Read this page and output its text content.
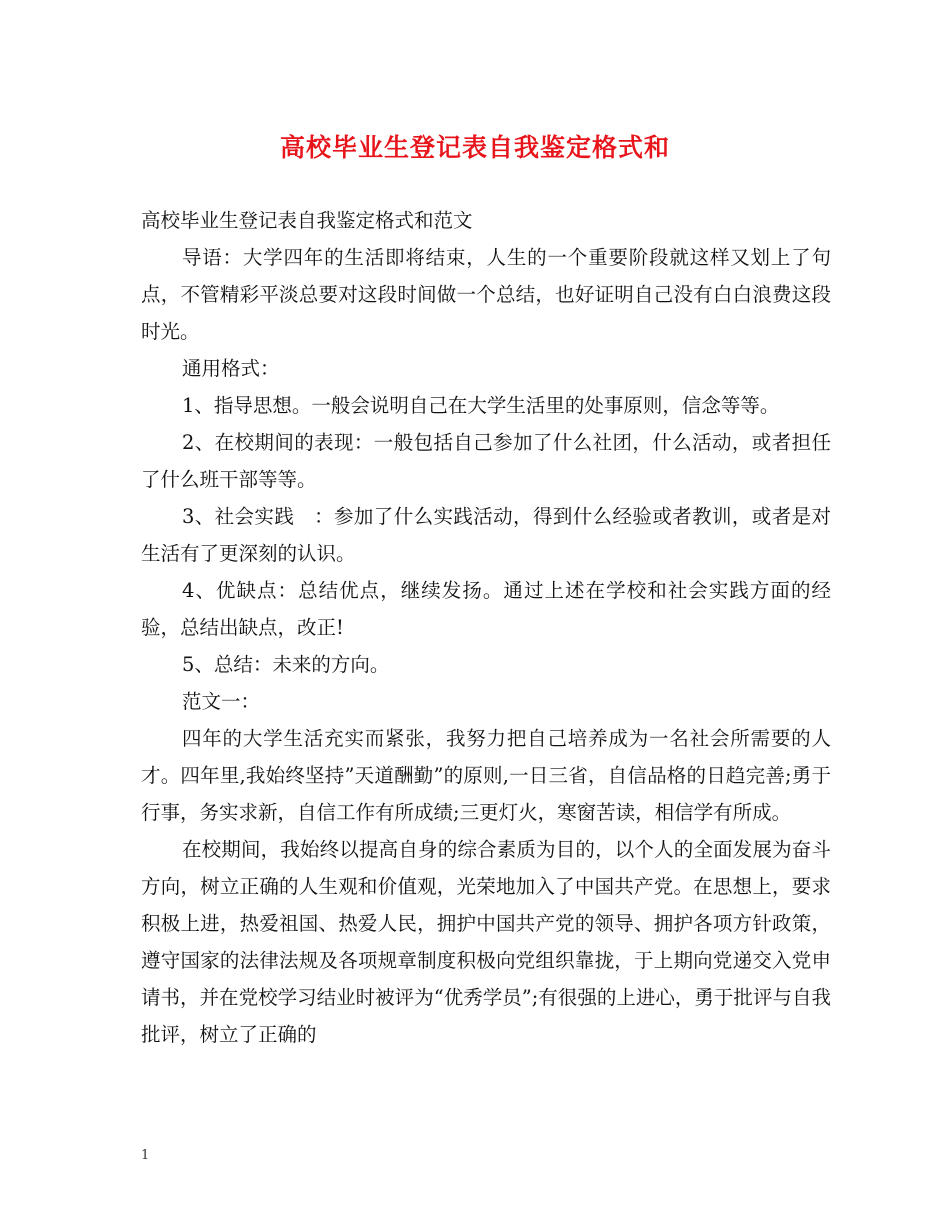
高校毕业生登记表自我鉴定格式和

高校毕业生登记表自我鉴定格式和范文

导语：大学四年的生活即将结束，人生的一个重要阶段就这样又划上了句点，不管精彩平淡总要对这段时间做一个总结，也好证明自己没有白白浪费这段时光。

通用格式：

1、指导思想。一般会说明自己在大学生活里的处事原则，信念等等。

2、在校期间的表现：一般包括自己参加了什么社团，什么活动，或者担任了什么班干部等等。

3、社会实践　：参加了什么实践活动，得到什么经验或者教训，或者是对生活有了更深刻的认识。

4、优缺点：总结优点，继续发扬。通过上述在学校和社会实践方面的经验，总结出缺点，改正!

5、总结：未来的方向。

范文一：

四年的大学生活充实而紧张，我努力把自己培养成为一名社会所需要的人才。四年里,我始终坚持”天道酬勤”的原则,一日三省，自信品格的日趋完善;勇于行事，务实求新，自信工作有所成绩;三更灯火，寒窗苦读，相信学有所成。

在校期间，我始终以提高自身的综合素质为目的，以个人的全面发展为奋斗方向，树立正确的人生观和价值观，光荣地加入了中国共产党。在思想上，要求积极上进，热爱祖国、热爱人民，拥护中国共产党的领导、拥护各项方针政策，遵守国家的法律法规及各项规章制度积极向党组织靠拢，于上期向党递交入党申请书，并在党校学习结业时被评为“优秀学员”;有很强的上进心，勇于批评与自我批评，树立了正确的

1
